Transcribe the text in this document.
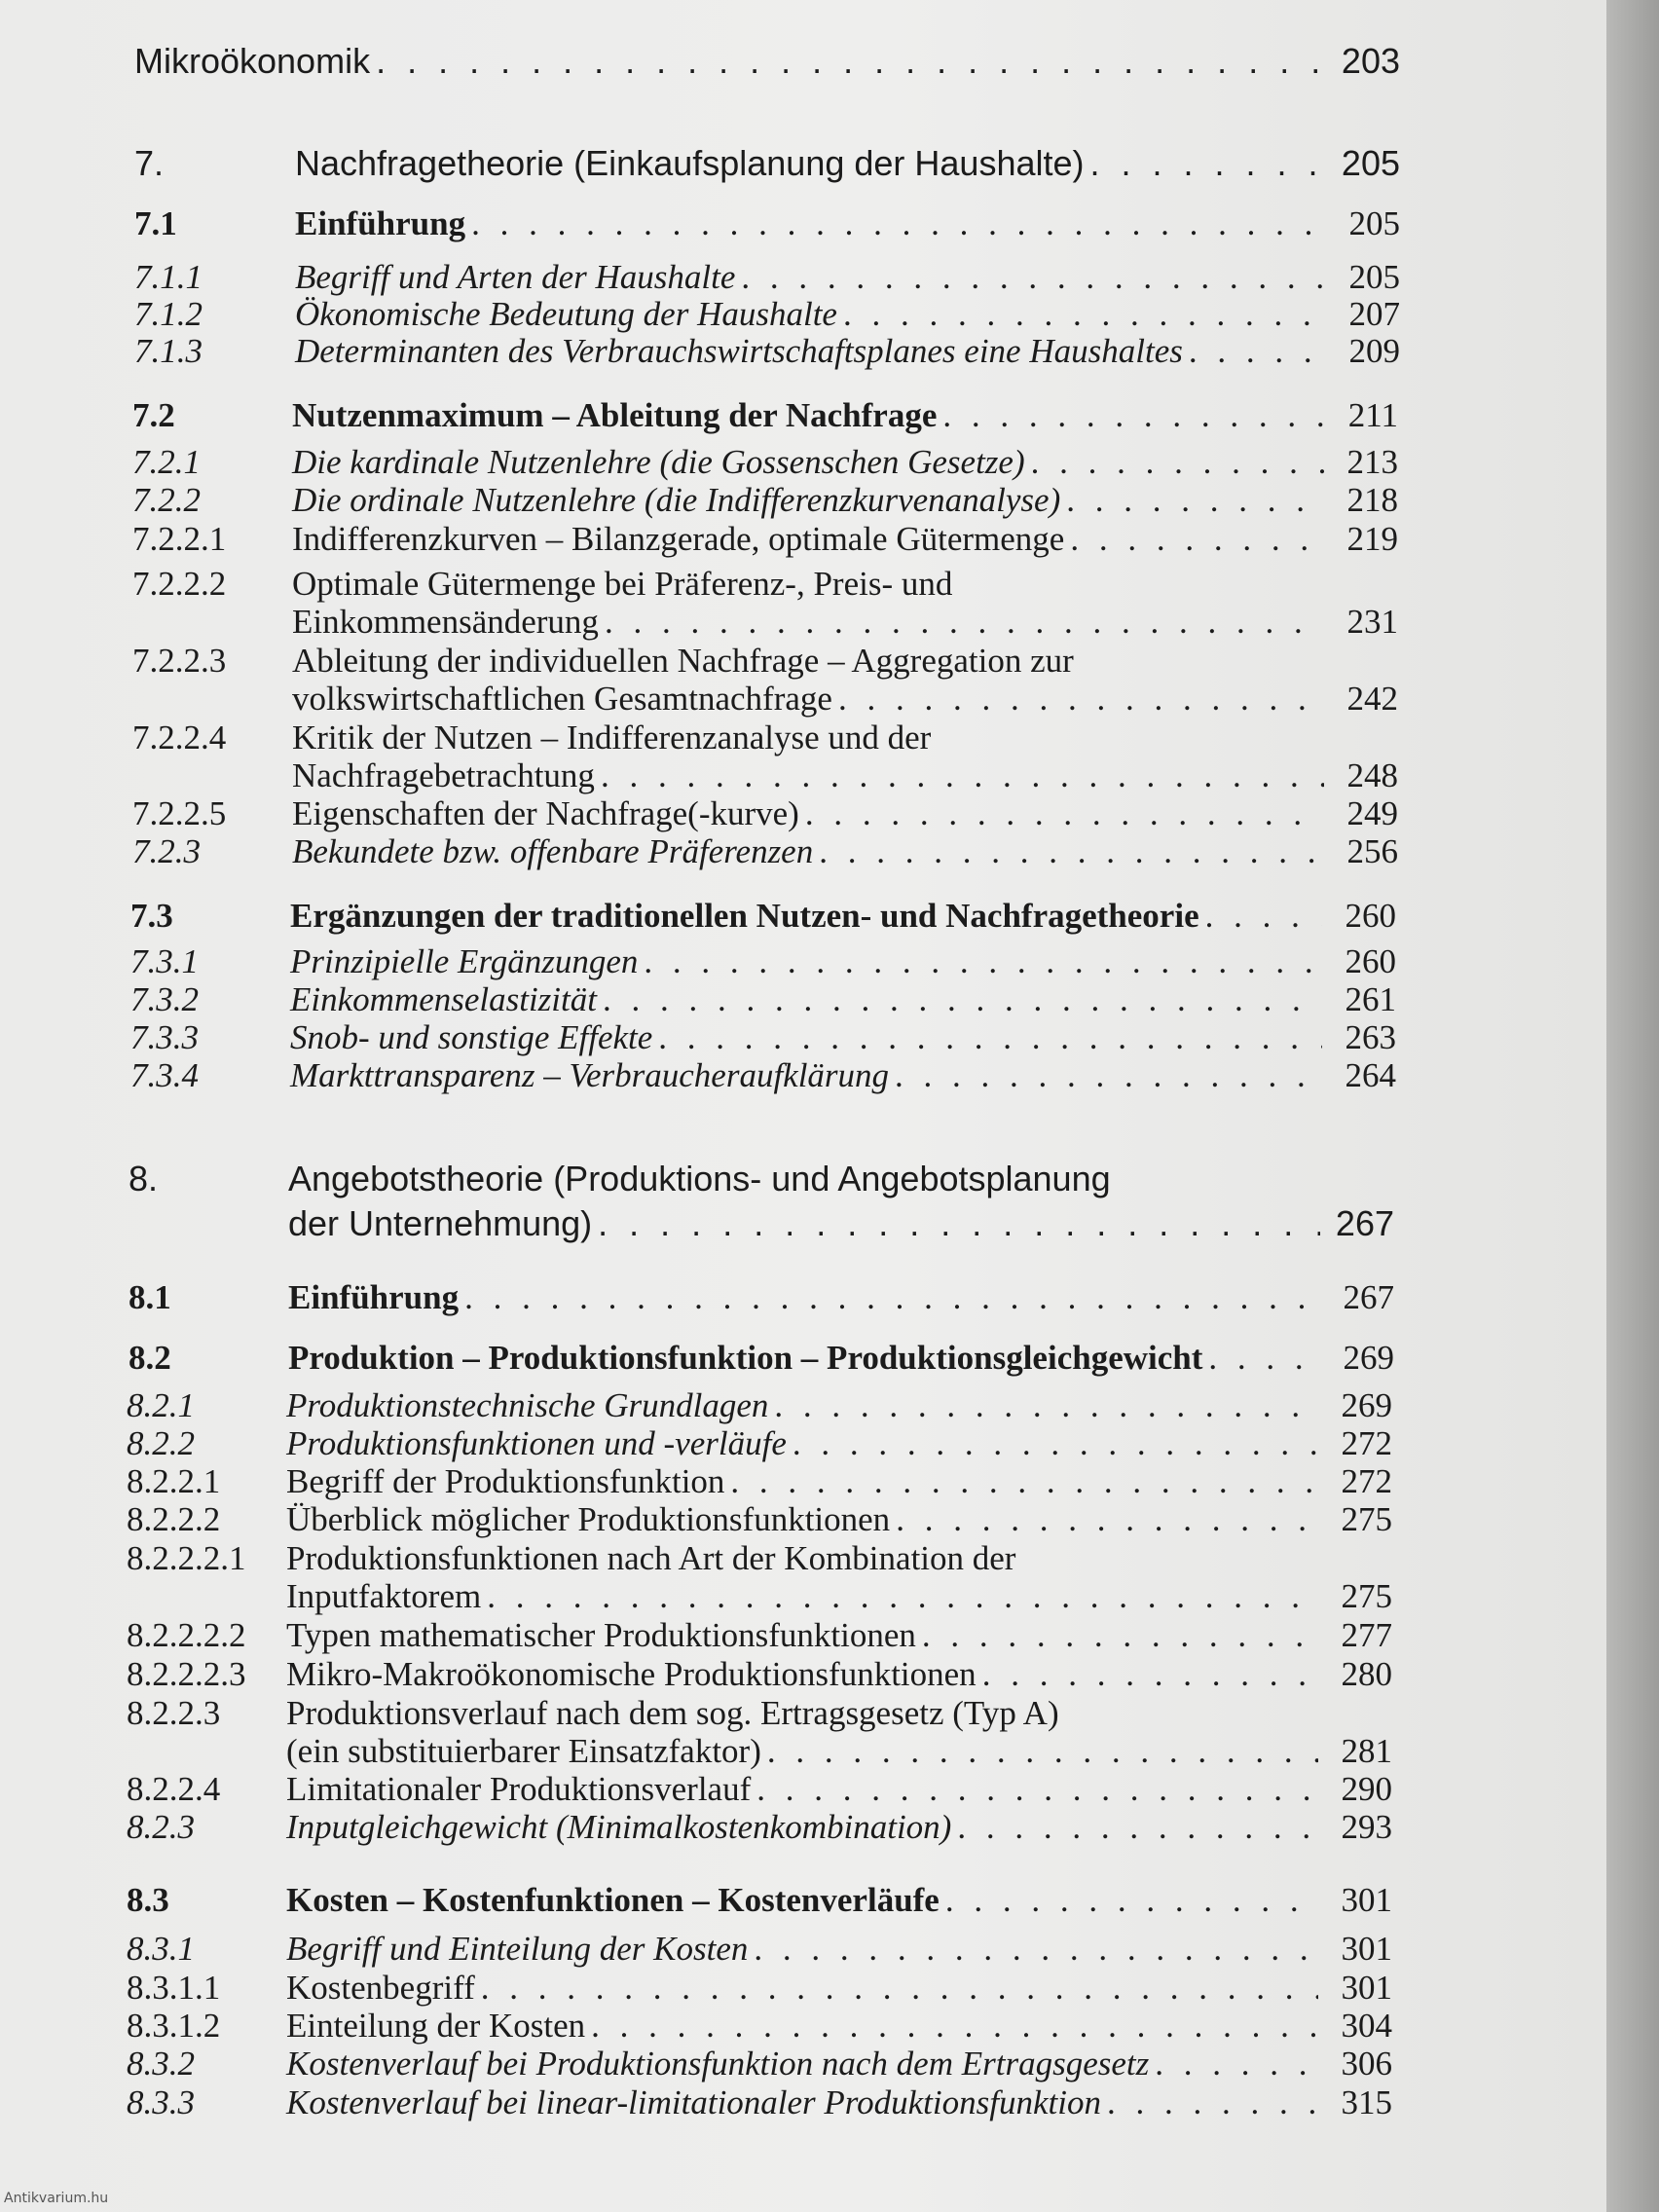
Mikroökonomik . . .	203
7.	Nachfragetheorie (Einkaufsplanung der Haushalte) . . .	205
7.1	Einführung . . .	205
7.1.1	Begriff und Arten der Haushalte . . .	205
7.1.2	Ökonomische Bedeutung der Haushalte . . .	207
7.1.3	Determinanten des Verbrauchswirtschaftsplanes eine Haushaltes . . .	209
7.2	Nutzenmaximum – Ableitung der Nachfrage . . .	211
7.2.1	Die kardinale Nutzenlehre (die Gossenschen Gesetze) . . .	213
7.2.2	Die ordinale Nutzenlehre (die Indifferenzkurvenanalyse) . . .	218
7.2.2.1 Indifferenzkurven – Bilanzgerade, optimale Gütermenge . . .	219
7.2.2.2 Optimale Gütermenge bei Präferenz-, Preis- und
Einkommensänderung . . .	231
7.2.2.3 Ableitung der individuellen Nachfrage – Aggregation zur
volkswirtschaftlichen Gesamtnachfrage . . .	242
7.2.2.4 Kritik der Nutzen – Indifferenzanalyse und der
Nachfragebetrachtung . . .	248
7.2.2.5 Eigenschaften der Nachfrage(-kurve) . . .	249
7.2.3	Bekundete bzw. offenbare Präferenzen . . .	256
7.3	Ergänzungen der traditionellen Nutzen- und Nachfragetheorie . . .	260
7.3.1	Prinzipielle Ergänzungen . . .	260
7.3.2	Einkommenselastizität . . .	261
7.3.3	Snob- und sonstige Effekte . . .	263
7.3.4	Markttransparenz – Verbraucheraufklärung . . .	264
8.	Angebotstheorie (Produktions- und Angebotsplanung
der Unternehmung) . . .	267
8.1	Einführung . . .	267
8.2	Produktion – Produktionsfunktion – Produktionsgleichgewicht . . .	269
8.2.1	Produktionstechnische Grundlagen . . .	269
8.2.2	Produktionsfunktionen und -verläufe . . .	272
8.2.2.1 Begriff der Produktionsfunktion . . .	272
8.2.2.2 Überblick möglicher Produktionsfunktionen . . .	275
8.2.2.2.1 Produktionsfunktionen nach Art der Kombination der
Inputfaktorem . . .	275
8.2.2.2.2 Typen mathematischer Produktionsfunktionen . . .	277
8.2.2.2.3 Mikro-Makroökonomische Produktionsfunktionen . . .	280
8.2.2.3 Produktionsverlauf nach dem sog. Ertragsgesetz (Typ A)
(ein substituierbarer Einsatzfaktor) . . .	281
8.2.2.4 Limitationaler Produktionsverlauf . . .	290
8.2.3	Inputgleichgewicht (Minimalkostenkombination) . . .	293
8.3	Kosten – Kostenfunktionen – Kostenverläufe . . .	301
8.3.1	Begriff und Einteilung der Kosten . . .	301
8.3.1.1 Kostenbegriff . . .	301
8.3.1.2 Einteilung der Kosten . . .	304
8.3.2	Kostenverlauf bei Produktionsfunktion nach dem Ertragsgesetz . . .	306
8.3.3	Kostenverlauf bei linear-limitationaler Produktionsfunktion . . .	315
Antikvarium.hu
